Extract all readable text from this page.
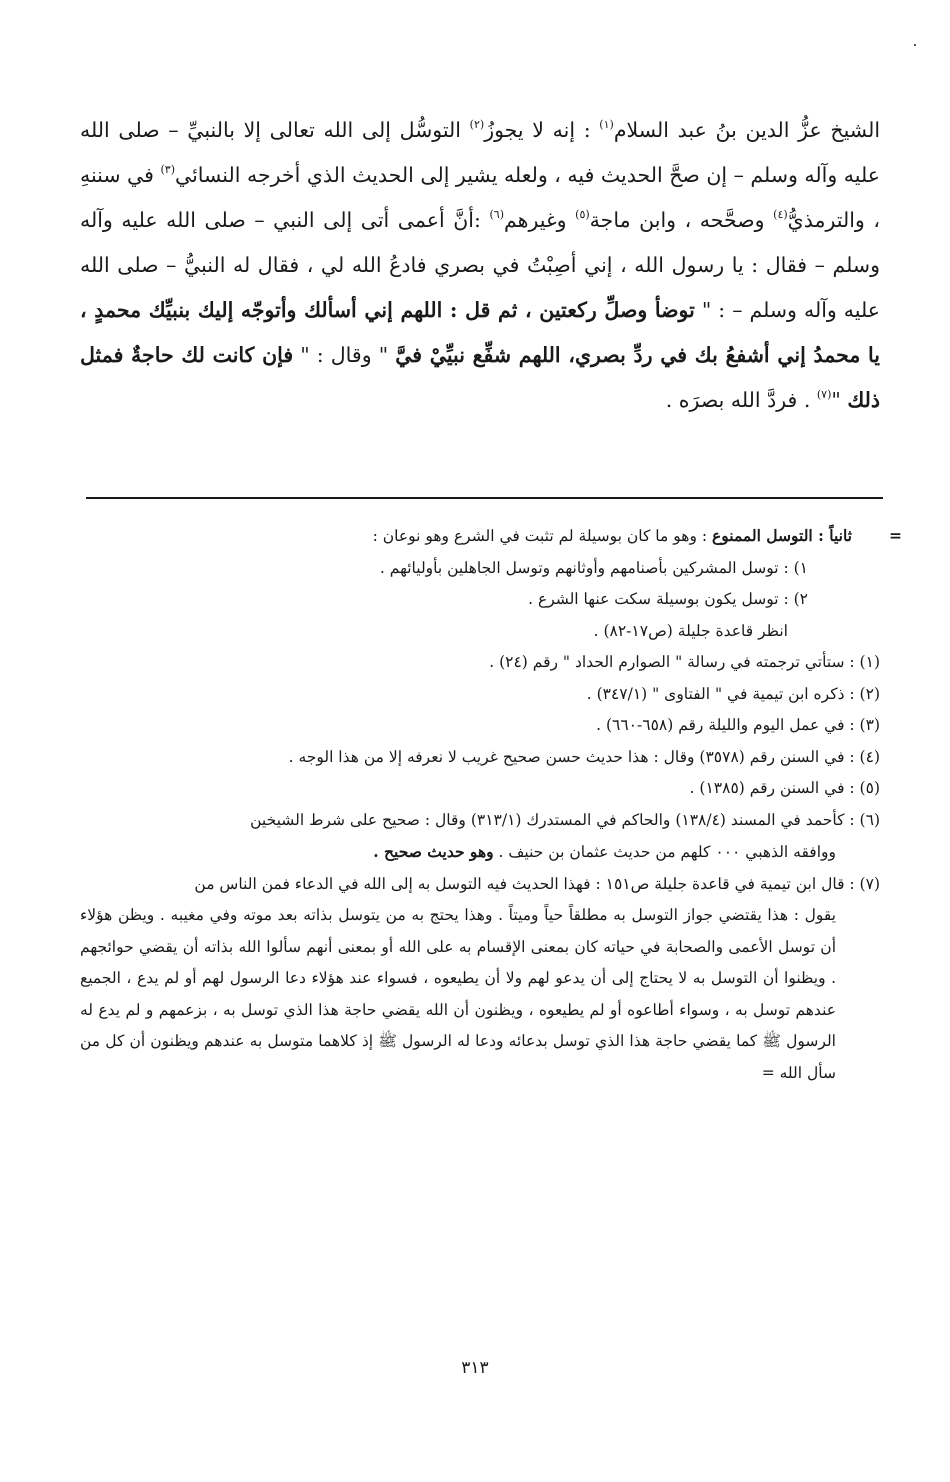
الشيخ عزُّ الدين بنُ عبد السلام$^{(١)}$ : إنه لا يجوزُ$^{(٢)}$ التوسُّل إلى الله تعالى إلا بالنبيِّ – صلى الله عليه وآله وسلم – إن صحَّ الحديث فيه ، ولعله يشير إلى الحديث الذي أخرجه النسائي$^{(٣)}$ في سننهِ ، والترمذيُّ$^{(٤)}$ وصحَّحه ، وابن ماجة$^{(٥)}$ وغيرهم$^{(٦)}$ :أنَّ أعمى أتى إلى النبي – صلى الله عليه وآله وسلم – فقال : يا رسول الله ، إني أصِبْتُ في بصري فادعُ الله لي ، فقال له النبيُّ – صلى الله عليه وآله وسلم – : " توضأ وصلِّ ركعتين ، ثم قل : اللهم إني أسألك وأتوجّه إليك بنبيِّك محمدٍ ، يا محمدُ إني أشفعُ بك في ردِّ بصري، اللهم شفِّع نبيِّيْ فيَّ " وقال : " فإن كانت لك حاجةٌ فمثل ذلك "$^{(٧)}$ . فردَّ الله بصرَه .

=

ثانياً : التوسل الممنوع : وهو ما كان بوسيلة لم تثبت في الشرع وهو نوعان :

١) : توسل المشركين بأصنامهم وأوثانهم وتوسل الجاهلين بأوليائهم .

٢) : توسل يكون بوسيلة سكت عنها الشرع .

انظر قاعدة جليلة (ص١٧-٨٢) .

(١) : ستأتي ترجمته في رسالة " الصوارم الحداد " رقم (٢٤) .

(٢) : ذكره ابن تيمية في " الفتاوى " (٣٤٧/١) .

(٣) : في عمل اليوم والليلة رقم (٦٥٨-٦٦٠) .

(٤) : في السنن رقم (٣٥٧٨) وقال : هذا حديث حسن صحيح غريب لا نعرفه إلا من هذا الوجه .

(٥) : في السنن رقم (١٣٨٥) .

(٦) : كأحمد في المسند (١٣٨/٤) والحاكم في المستدرك (٣١٣/١) وقال : صحيح على شرط الشيخين

ووافقه الذهبي ٠٠٠ كلهم من حديث عثمان بن حنيف . وهو حديث صحيح .

(٧) : قال ابن تيمية في قاعدة جليلة ص١٥١ : فهذا الحديث فيه التوسل به إلى الله في الدعاء فمن الناس من

يقول : هذا يقتضي جواز التوسل به مطلقاً حياً وميتاً . وهذا يحتج به من يتوسل بذاته بعد موته وفي مغيبه . ويظن هؤلاء أن توسل الأعمى والصحابة في حياته كان بمعنى الإقسام به على الله أو بمعنى أنهم سألوا الله بذاته أن يقضي حوائجهم . ويظنوا أن التوسل به لا يحتاج إلى أن يدعو لهم ولا أن يطيعوه ، فسواء عند هؤلاء دعا الرسول لهم أو لم يدع ، الجميع عندهم توسل به ، وسواء أطاعوه أو لم يطيعوه ، ويظنون أن الله يقضي حاجة هذا الذي توسل به ، بزعمهم و لم يدع له الرسول ﷺ كما يقضي حاجة هذا الذي توسل بدعائه ودعا له الرسول ﷺ إذ كلاهما متوسل به عندهم ويظنون أن كل من سأل الله =

٣١٣
